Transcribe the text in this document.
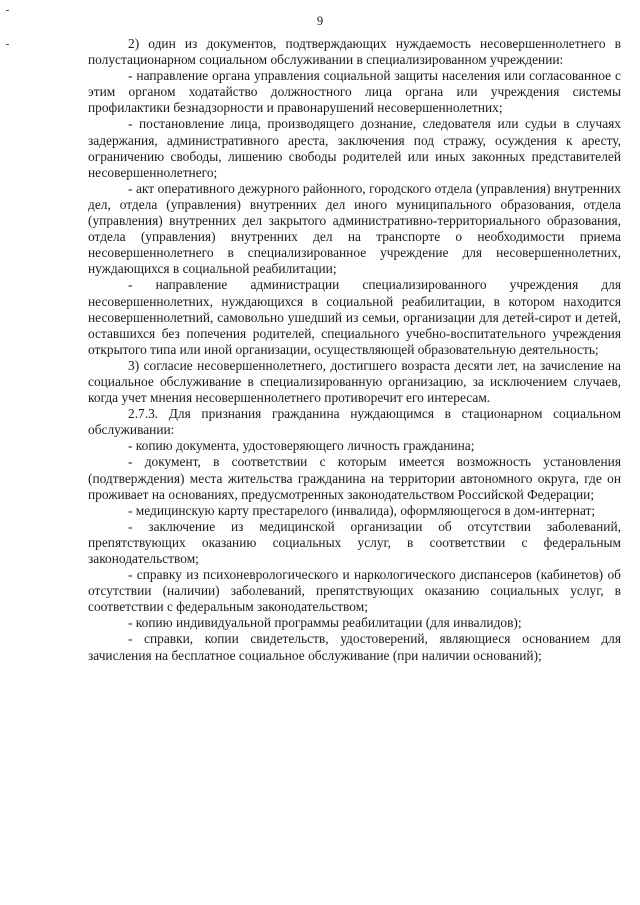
9

2) один из документов, подтверждающих нуждаемость несовершеннолетнего в полустационарном социальном обслуживании в специализированном учреждении:

- направление органа управления социальной защиты населения или согласованное с этим органом ходатайство должностного лица органа или учреждения системы профилактики безнадзорности и правонарушений несовершеннолетних;

- постановление лица, производящего дознание, следователя или судьи в случаях задержания, административного ареста, заключения под стражу, осуждения к аресту, ограничению свободы, лишению свободы родителей или иных законных представителей несовершеннолетнего;

- акт оперативного дежурного районного, городского отдела (управления) внутренних дел, отдела (управления) внутренних дел иного муниципального образования, отдела (управления) внутренних дел закрытого административно-территориального образования, отдела (управления) внутренних дел на транспорте о необходимости приема несовершеннолетнего в специализированное учреждение для несовершеннолетних, нуждающихся в социальной реабилитации;

- направление администрации специализированного учреждения для несовершеннолетних, нуждающихся в социальной реабилитации, в котором находится несовершеннолетний, самовольно ушедший из семьи, организации для детей-сирот и детей, оставшихся без попечения родителей, специального учебно-воспитательного учреждения открытого типа или иной организации, осуществляющей образовательную деятельность;

3) согласие несовершеннолетнего, достигшего возраста десяти лет, на зачисление на социальное обслуживание в специализированную организацию, за исключением случаев, когда учет мнения несовершеннолетнего противоречит его интересам.

2.7.3. Для признания гражданина нуждающимся в стационарном социальном обслуживании:

- копию документа, удостоверяющего личность гражданина;

- документ, в соответствии с которым имеется возможность установления (подтверждения) места жительства гражданина на территории автономного округа, где он проживает на основаниях, предусмотренных законодательством Российской Федерации;

- медицинскую карту престарелого (инвалида), оформляющегося в дом-интернат;

- заключение из медицинской организации об отсутствии заболеваний, препятствующих оказанию социальных услуг, в соответствии с федеральным законодательством;

- справку из психоневрологического и наркологического диспансеров (кабинетов) об отсутствии (наличии) заболеваний, препятствующих оказанию социальных услуг, в соответствии с федеральным законодательством;

- копию индивидуальной программы реабилитации (для инвалидов);

- справки, копии свидетельств, удостоверений, являющиеся основанием для зачисления на бесплатное социальное обслуживание (при наличии оснований);
